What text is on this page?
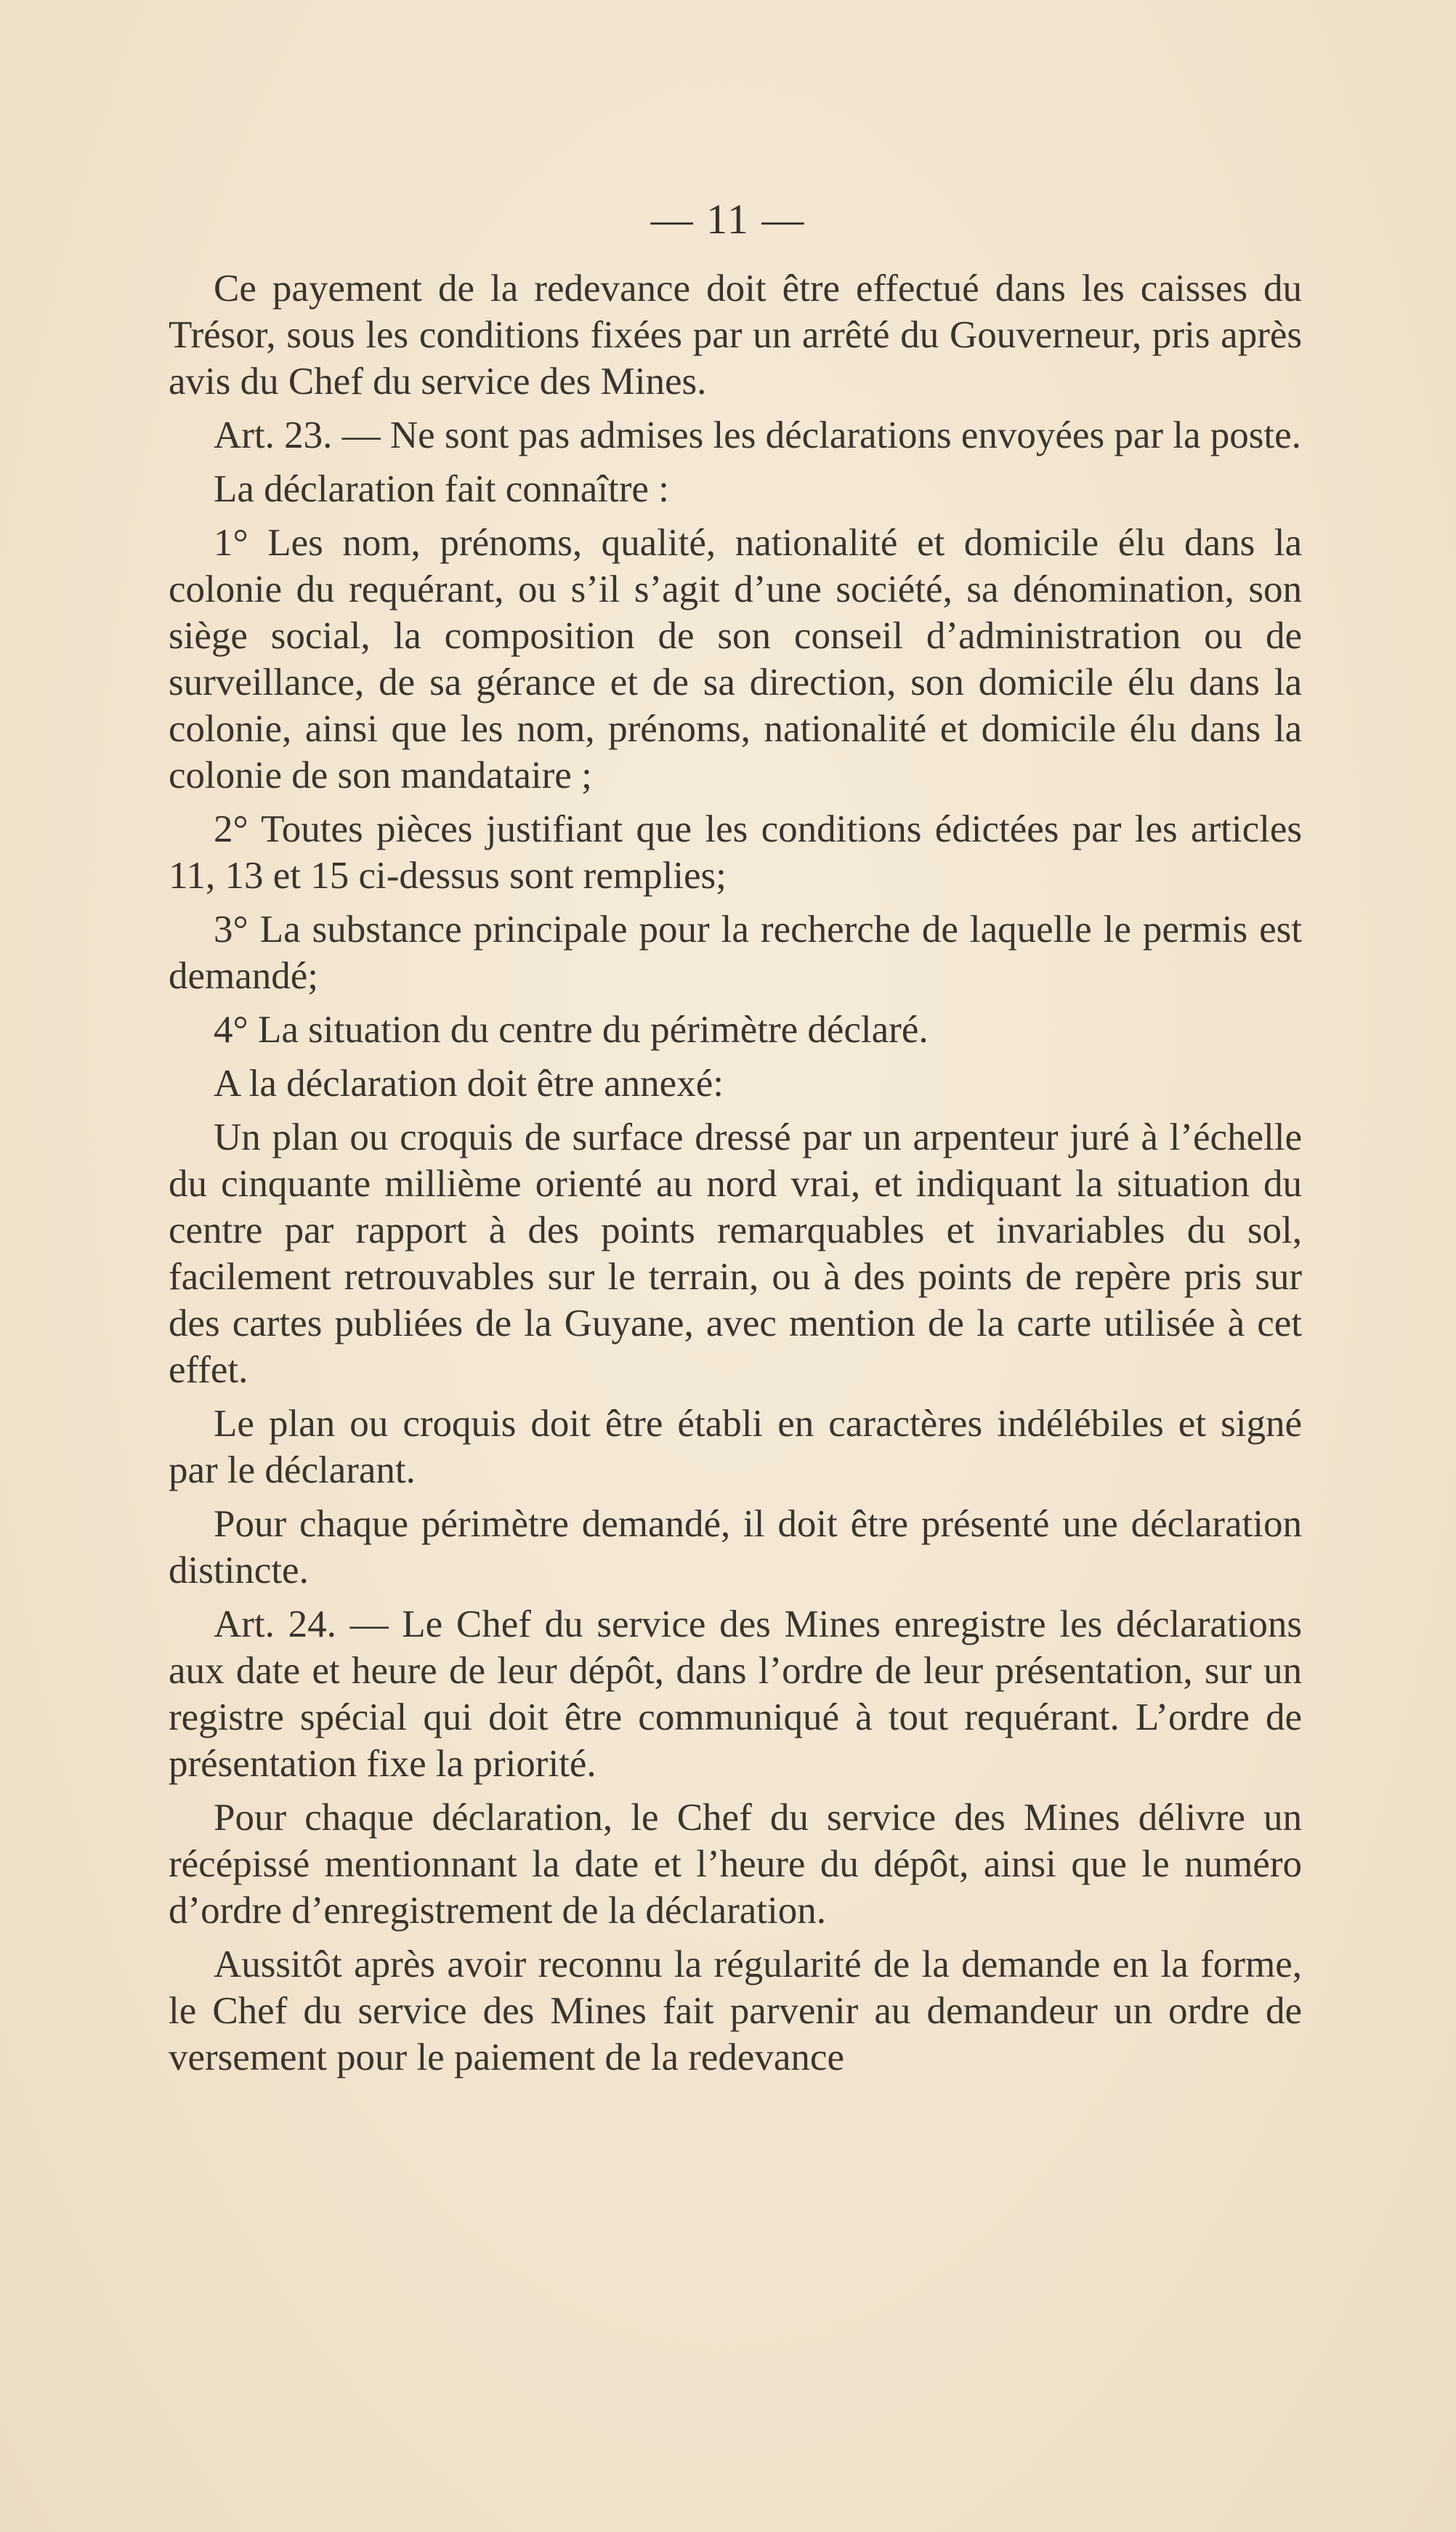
— 11 —

Ce payement de la redevance doit être effectué dans les caisses du Trésor, sous les conditions fixées par un arrêté du Gouverneur, pris après avis du Chef du service des Mines.

Art. 23. — Ne sont pas admises les déclarations envoyées par la poste.

La déclaration fait connaître :

1° Les nom, prénoms, qualité, nationalité et domicile élu dans la colonie du requérant, ou s’il s’agit d’une société, sa dénomination, son siège social, la composition de son conseil d’administration ou de surveillance, de sa gérance et de sa direction, son domicile élu dans la colonie, ainsi que les nom, prénoms, nationalité et domicile élu dans la colonie de son mandataire ;

2° Toutes pièces justifiant que les conditions édictées par les articles 11, 13 et 15 ci-dessus sont remplies;

3° La substance principale pour la recherche de laquelle le permis est demandé;

4° La situation du centre du périmètre déclaré.

A la déclaration doit être annexé:

Un plan ou croquis de surface dressé par un arpenteur juré à l’échelle du cinquante millième orienté au nord vrai, et indiquant la situation du centre par rapport à des points remarquables et invariables du sol, facilement retrouvables sur le terrain, ou à des points de repère pris sur des cartes publiées de la Guyane, avec mention de la carte utilisée à cet effet.

Le plan ou croquis doit être établi en caractères indélébiles et signé par le déclarant.

Pour chaque périmètre demandé, il doit être présenté une déclaration distincte.

Art. 24. — Le Chef du service des Mines enregistre les déclarations aux date et heure de leur dépôt, dans l’ordre de leur présentation, sur un registre spécial qui doit être communiqué à tout requérant. L’ordre de présentation fixe la priorité.

Pour chaque déclaration, le Chef du service des Mines délivre un récépissé mentionnant la date et l’heure du dépôt, ainsi que le numéro d’ordre d’enregistrement de la déclaration.

Aussitôt après avoir reconnu la régularité de la demande en la forme, le Chef du service des Mines fait parvenir au demandeur un ordre de versement pour le paiement de la redevance
